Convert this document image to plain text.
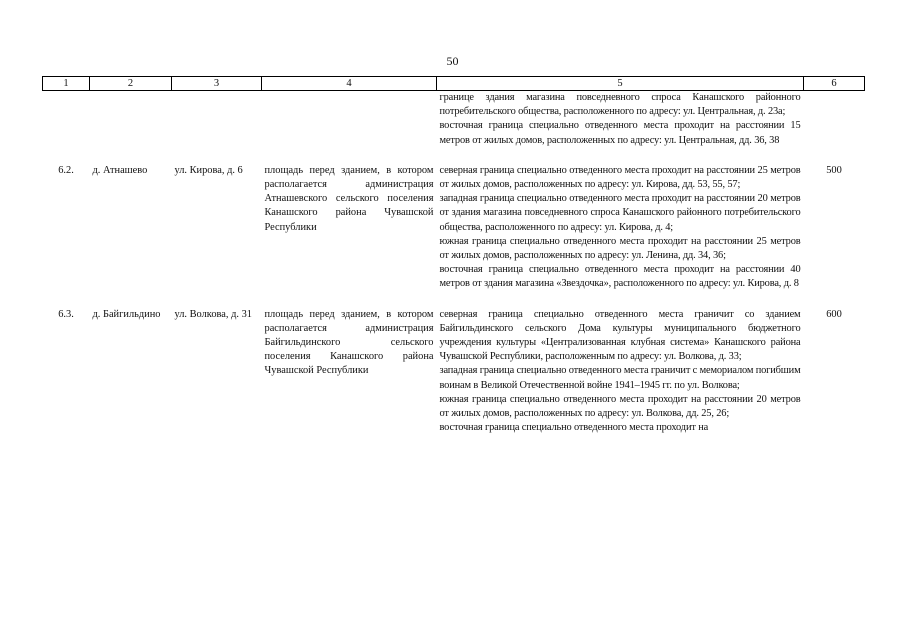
50
1	2	3	4	5	6

				границе здания магазина повседневного спроса Канашского районного потребительского общества, расположенного по адресу: ул. Центральная, д. 23а;
восточная граница специально отведенного места проходит на расстоянии 15 метров от жилых домов, расположенных по адресу: ул. Центральная, дд. 36, 38	

6.2.	д. Атнашево	ул. Кирова, д. 6	площадь перед зданием, в котором располагается администрация Атнашевского сельского поселения Канашского района Чувашской Республики	северная граница специально отведенного места проходит на расстоянии 25 метров от жилых домов, расположенных по адресу: ул. Кирова, дд. 53, 55, 57;
западная граница специально отведенного места проходит на расстоянии 20 метров от здания магазина повседневного спроса Канашского районного потребительского общества, расположенного по адресу: ул. Кирова, д. 4;
южная граница специально отведенного места проходит на расстоянии 25 метров от жилых домов, расположенных по адресу: ул. Ленина, дд. 34, 36;
восточная граница специально отведенного места проходит на расстоянии 40 метров от здания магазина «Звездочка», расположенного по адресу: ул. Кирова, д. 8	500
6.3.	д. Байгильдино	ул. Волкова, д. 31	площадь перед зданием, в котором располагается администрация Байгильдинского сельского поселения Канашского района Чувашской Республики	северная граница специально отведенного места граничит со зданием Байгильдинского сельского Дома культуры муниципального бюджетного учреждения культуры «Централизованная клубная система» Канашского района Чувашской Республики, расположенным по адресу: ул. Волкова, д. 33;
западная граница специально отведенного места граничит с мемориалом погибшим воинам в Великой Отечественной войне 1941–1945 гг. по ул. Волкова;
южная граница специально отведенного места проходит на расстоянии 20 метров от жилых домов, расположенных по адресу: ул. Волкова, дд. 25, 26;
восточная граница специально отведенного места проходит на	600
